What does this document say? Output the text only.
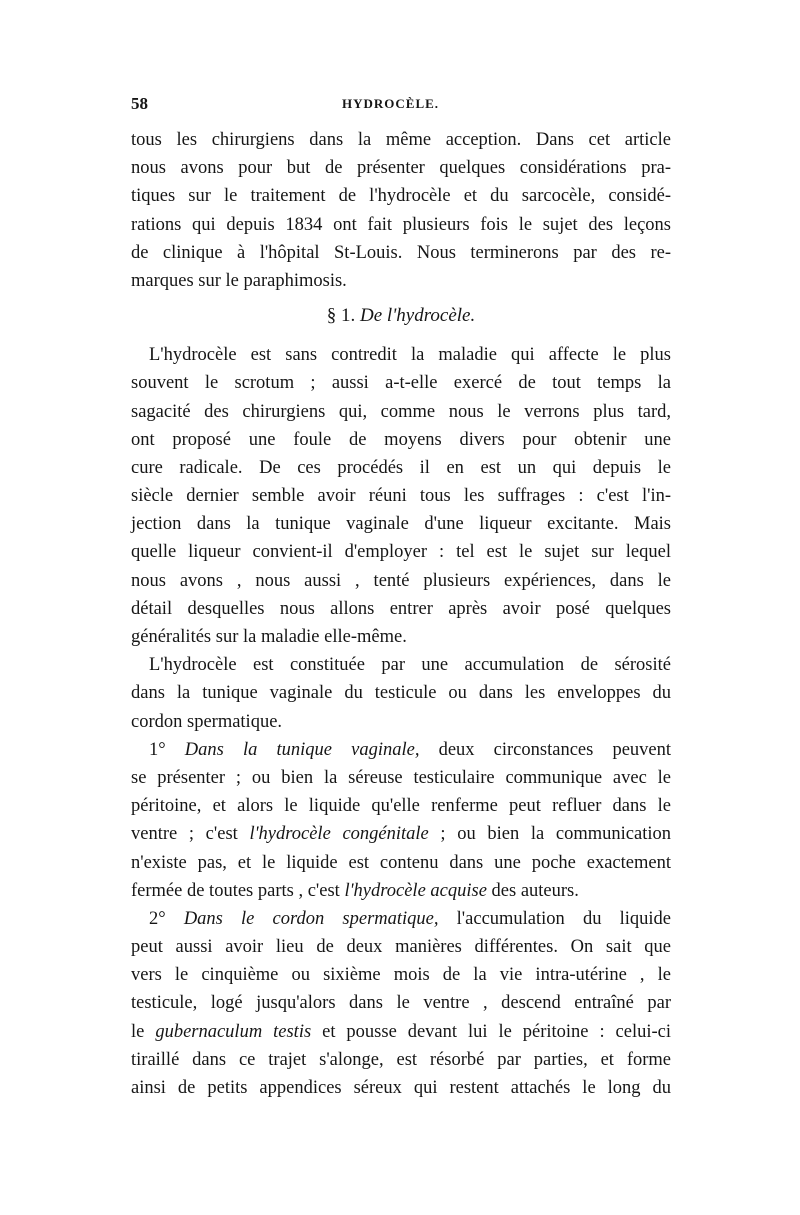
58	HYDROCÈLE.
tous les chirurgiens dans la même acception. Dans cet article
nous avons pour but de présenter quelques considérations pra-
tiques sur le traitement de l'hydrocèle et du sarcocèle, considé-
rations qui depuis 1834 ont fait plusieurs fois le sujet des leçons
de clinique à l'hôpital St-Louis. Nous terminerons par des re-
marques sur le paraphimosis.
§ 1. De l'hydrocèle.
L'hydrocèle est sans contredit la maladie qui affecte le plus
souvent le scrotum ; aussi a-t-elle exercé de tout temps la
sagacité des chirurgiens qui, comme nous le verrons plus tard,
ont proposé une foule de moyens divers pour obtenir une
cure radicale. De ces procédés il en est un qui depuis le
siècle dernier semble avoir réuni tous les suffrages : c'est l'in-
jection dans la tunique vaginale d'une liqueur excitante. Mais
quelle liqueur convient-il d'employer : tel est le sujet sur lequel
nous avons , nous aussi , tenté plusieurs expériences, dans le
détail desquelles nous allons entrer après avoir posé quelques
généralités sur la maladie elle-même.
L'hydrocèle est constituée par une accumulation de sérosité
dans la tunique vaginale du testicule ou dans les enveloppes du
cordon spermatique.
1° Dans la tunique vaginale, deux circonstances peuvent
se présenter ; ou bien la séreuse testiculaire communique avec le
péritoine, et alors le liquide qu'elle renferme peut refluer dans le
ventre ; c'est l'hydrocèle congénitale ; ou bien la communication
n'existe pas, et le liquide est contenu dans une poche exactement
fermée de toutes parts , c'est l'hydrocèle acquise des auteurs.
2° Dans le cordon spermatique, l'accumulation du liquide
peut aussi avoir lieu de deux manières différentes. On sait que
vers le cinquième ou sixième mois de la vie intra-utérine , le
testicule, logé jusqu'alors dans le ventre , descend entraîné par
le gubernaculum testis et pousse devant lui le péritoine : celui-ci
tiraillé dans ce trajet s'alonge, est résorbé par parties, et forme
ainsi de petits appendices séreux qui restent attachés le long du
